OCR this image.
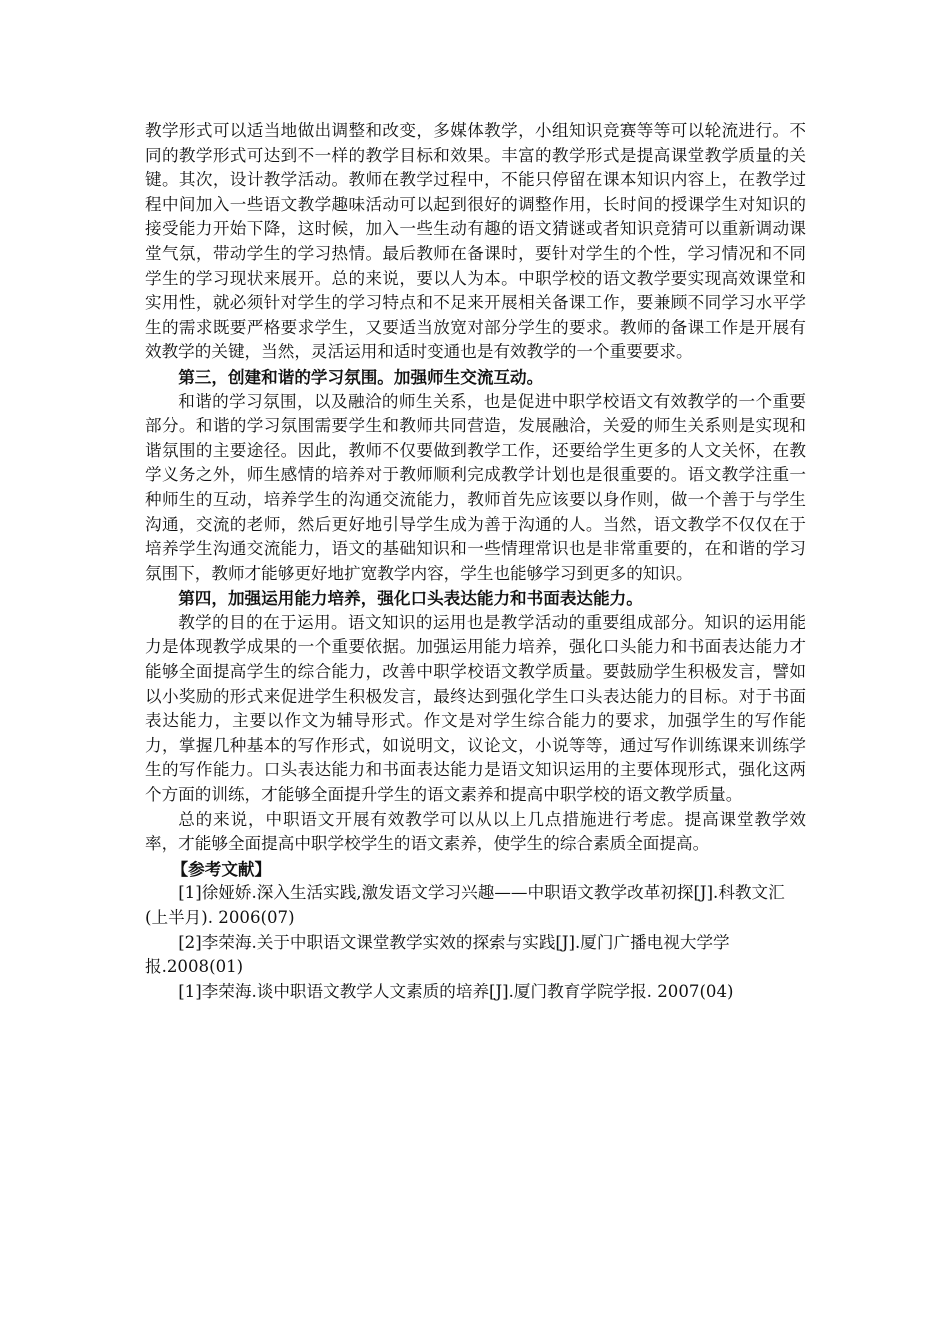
教学形式可以适当地做出调整和改变，多媒体教学，小组知识竞赛等等可以轮流进行。不同的教学形式可达到不一样的教学目标和效果。丰富的教学形式是提高课堂教学质量的关键。其次，设计教学活动。教师在教学过程中，不能只停留在课本知识内容上，在教学过程中间加入一些语文教学趣味活动可以起到很好的调整作用，长时间的授课学生对知识的接受能力开始下降，这时候，加入一些生动有趣的语文猜谜或者知识竞猜可以重新调动课堂气氛，带动学生的学习热情。最后教师在备课时，要针对学生的个性，学习情况和不同学生的学习现状来展开。总的来说，要以人为本。中职学校的语文教学要实现高效课堂和实用性，就必须针对学生的学习特点和不足来开展相关备课工作，要兼顾不同学习水平学生的需求既要严格要求学生，又要适当放宽对部分学生的要求。教师的备课工作是开展有效教学的关键，当然，灵活运用和适时变通也是有效教学的一个重要要求。

第三，创建和谐的学习氛围。加强师生交流互动。

和谐的学习氛围，以及融洽的师生关系，也是促进中职学校语文有效教学的一个重要部分。和谐的学习氛围需要学生和教师共同营造，发展融洽，关爱的师生关系则是实现和谐氛围的主要途径。因此，教师不仅要做到教学工作，还要给学生更多的人文关怀，在教学义务之外，师生感情的培养对于教师顺利完成教学计划也是很重要的。语文教学注重一种师生的互动，培养学生的沟通交流能力，教师首先应该要以身作则，做一个善于与学生沟通，交流的老师，然后更好地引导学生成为善于沟通的人。当然，语文教学不仅仅在于培养学生沟通交流能力，语文的基础知识和一些情理常识也是非常重要的，在和谐的学习氛围下，教师才能够更好地扩宽教学内容，学生也能够学习到更多的知识。

第四，加强运用能力培养，强化口头表达能力和书面表达能力。

教学的目的在于运用。语文知识的运用也是教学活动的重要组成部分。知识的运用能力是体现教学成果的一个重要依据。加强运用能力培养，强化口头能力和书面表达能力才能够全面提高学生的综合能力，改善中职学校语文教学质量。要鼓励学生积极发言，譬如以小奖励的形式来促进学生积极发言，最终达到强化学生口头表达能力的目标。对于书面表达能力，主要以作文为辅导形式。作文是对学生综合能力的要求，加强学生的写作能力，掌握几种基本的写作形式，如说明文，议论文，小说等等，通过写作训练课来训练学生的写作能力。口头表达能力和书面表达能力是语文知识运用的主要体现形式，强化这两个方面的训练，才能够全面提升学生的语文素养和提高中职学校的语文教学质量。

总的来说，中职语文开展有效教学可以从以上几点措施进行考虑。提高课堂教学效率，才能够全面提高中职学校学生的语文素养，使学生的综合素质全面提高。

【参考文献】

[1]徐娅娇.深入生活实践,激发语文学习兴趣——中职语文教学改革初探[J].科教文汇(上半月). 2006(07)

[2]李荣海.关于中职语文课堂教学实效的探索与实践[J].厦门广播电视大学学报.2008(01)

[1]李荣海.谈中职语文教学人文素质的培养[J].厦门教育学院学报. 2007(04)
